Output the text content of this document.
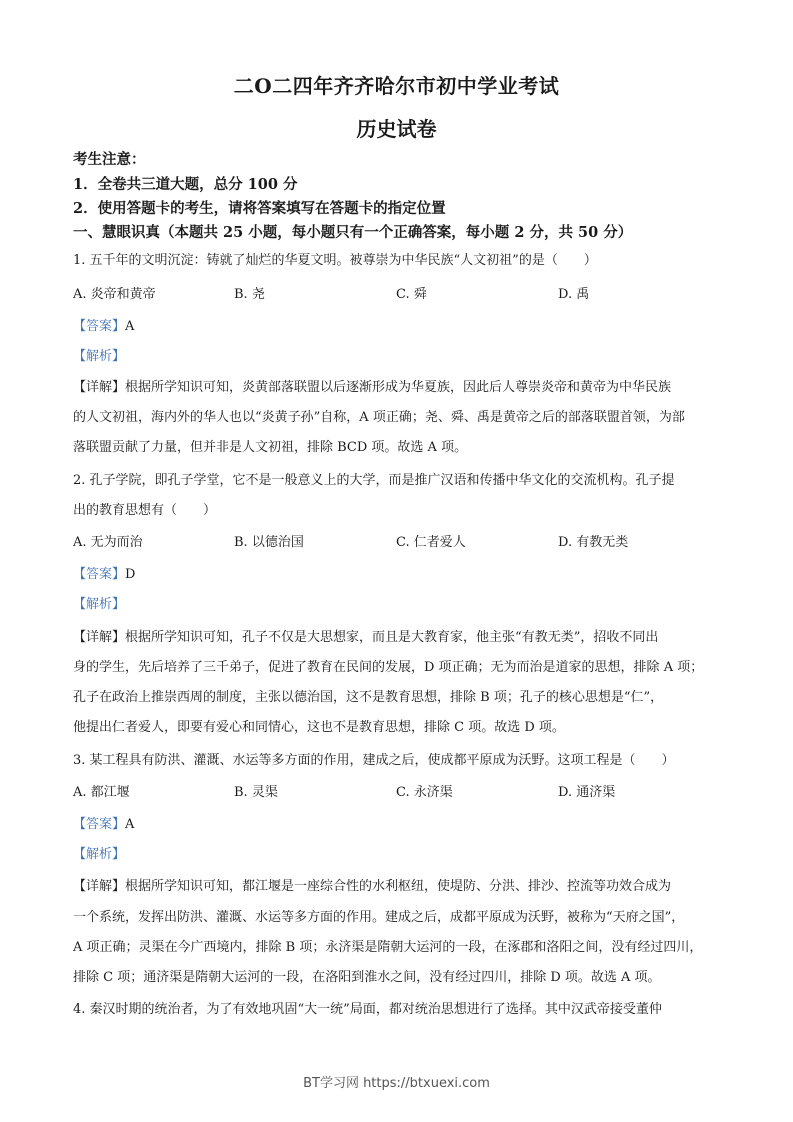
二O二四年齐齐哈尔市初中学业考试
历史试卷
考生注意：
1．全卷共三道大题，总分 100 分
2．使用答题卡的考生，请将答案填写在答题卡的指定位置
一、慧眼识真（本题共 25 小题，每小题只有一个正确答案，每小题 2 分，共 50 分）
1. 五千年的文明沉淀：铸就了灿烂的华夏文明。被尊崇为中华民族“人文初祖”的是（　　）
A. 炎帝和黄帝	B. 尧	C. 舜	D. 禹
【答案】A
【解析】
【详解】根据所学知识可知，炎黄部落联盟以后逐渐形成为华夏族，因此后人尊崇炎帝和黄帝为中华民族
的人文初祖，海内外的华人也以“炎黄子孙”自称，A 项正确；尧、舜、禹是黄帝之后的部落联盟首领，为部
落联盟贡献了力量，但并非是人文初祖，排除 BCD 项。故选 A 项。
2. 孔子学院，即孔子学堂，它不是一般意义上的大学，而是推广汉语和传播中华文化的交流机构。孔子提
出的教育思想有（　　）
A. 无为而治	B. 以德治国	C. 仁者爱人	D. 有教无类
【答案】D
【解析】
【详解】根据所学知识可知，孔子不仅是大思想家，而且是大教育家，他主张“有教无类”，招收不同出
身的学生，先后培养了三千弟子，促进了教育在民间的发展，D 项正确；无为而治是道家的思想，排除 A 项；
孔子在政治上推崇西周的制度，主张以德治国，这不是教育思想，排除 B 项；孔子的核心思想是“仁”，
他提出仁者爱人，即要有爱心和同情心，这也不是教育思想，排除 C 项。故选 D 项。
3. 某工程具有防洪、灌溉、水运等多方面的作用，建成之后，使成都平原成为沃野。这项工程是（　　）
A. 都江堰	B. 灵渠	C. 永济渠	D. 通济渠
【答案】A
【解析】
【详解】根据所学知识可知，都江堰是一座综合性的水利枢纽，使堤防、分洪、排沙、控流等功效合成为
一个系统，发挥出防洪、灌溉、水运等多方面的作用。建成之后，成都平原成为沃野，被称为“天府之国”，
A 项正确；灵渠在今广西境内，排除 B 项；永济渠是隋朝大运河的一段，在涿郡和洛阳之间，没有经过四川，
排除 C 项；通济渠是隋朝大运河的一段，在洛阳到淮水之间，没有经过四川，排除 D 项。故选 A 项。
4. 秦汉时期的统治者，为了有效地巩固“大一统”局面，都对统治思想进行了选择。其中汉武帝接受董仲
BT学习网 https://btxuexi.com
